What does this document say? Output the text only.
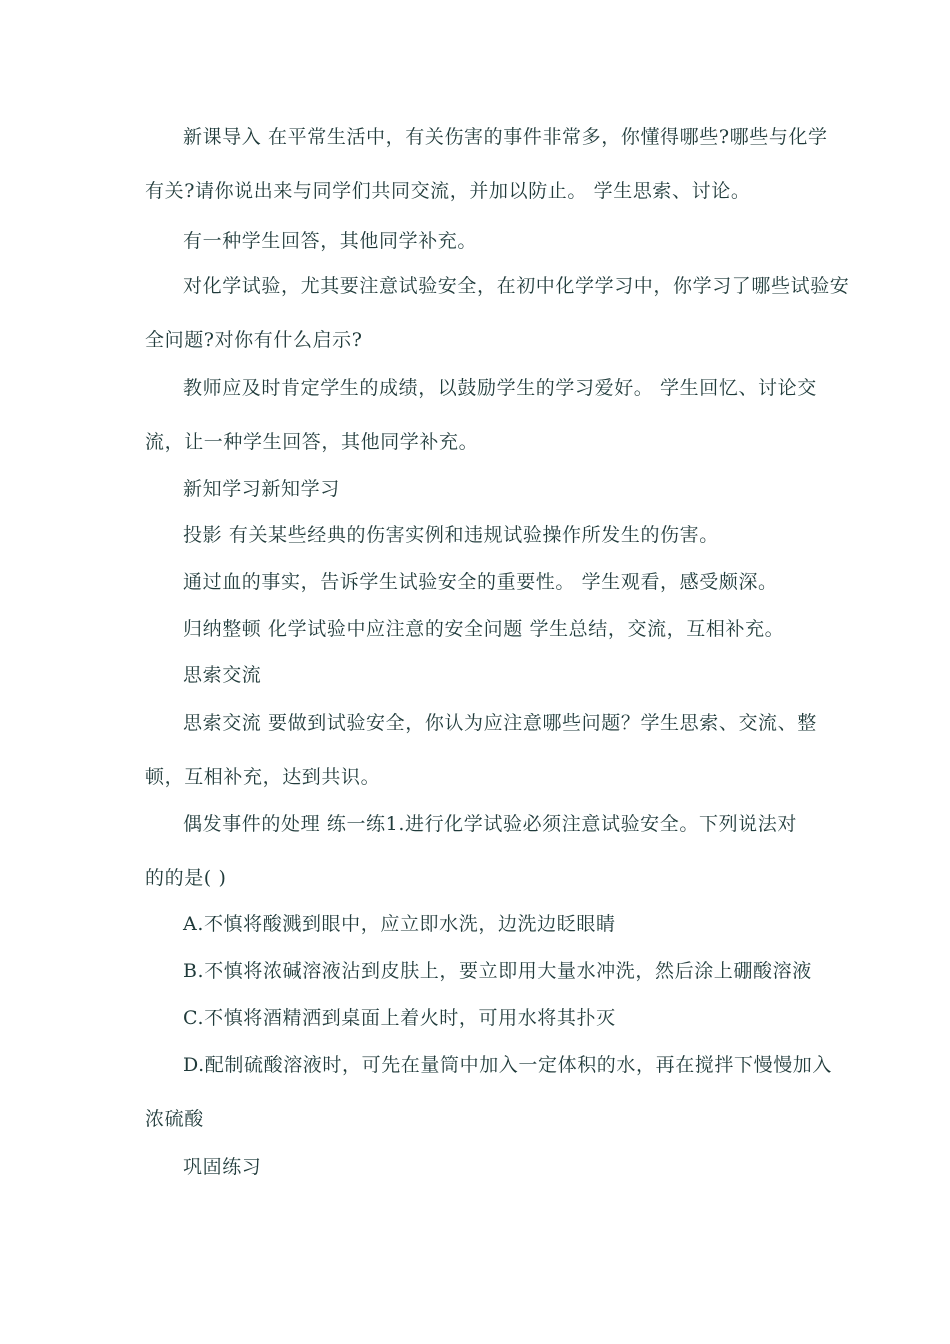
新课导入 在平常生活中，有关伤害的事件非常多，你懂得哪些?哪些与化学
有关?请你说出来与同学们共同交流，并加以防止。 学生思索、讨论。
有一种学生回答，其他同学补充。
对化学试验，尤其要注意试验安全，在初中化学学习中，你学习了哪些试验安
全问题?对你有什么启示?
教师应及时肯定学生的成绩，以鼓励学生的学习爱好。 学生回忆、讨论交
流，让一种学生回答，其他同学补充。
新知学习新知学习
投影 有关某些经典的伤害实例和违规试验操作所发生的伤害。
通过血的事实，告诉学生试验安全的重要性。 学生观看，感受颇深。
归纳整顿 化学试验中应注意的安全问题 学生总结，交流，互相补充。
思索交流
思索交流 要做到试验安全，你认为应注意哪些问题？学生思索、交流、整
顿，互相补充，达到共识。
偶发事件的处理 练一练1.进行化学试验必须注意试验安全。下列说法对
的的是( )
A.不慎将酸溅到眼中，应立即水洗，边洗边眨眼睛
B.不慎将浓碱溶液沾到皮肤上，要立即用大量水冲洗，然后涂上硼酸溶液
C.不慎将酒精洒到桌面上着火时，可用水将其扑灭
D.配制硫酸溶液时，可先在量筒中加入一定体积的水，再在搅拌下慢慢加入
浓硫酸
巩固练习
